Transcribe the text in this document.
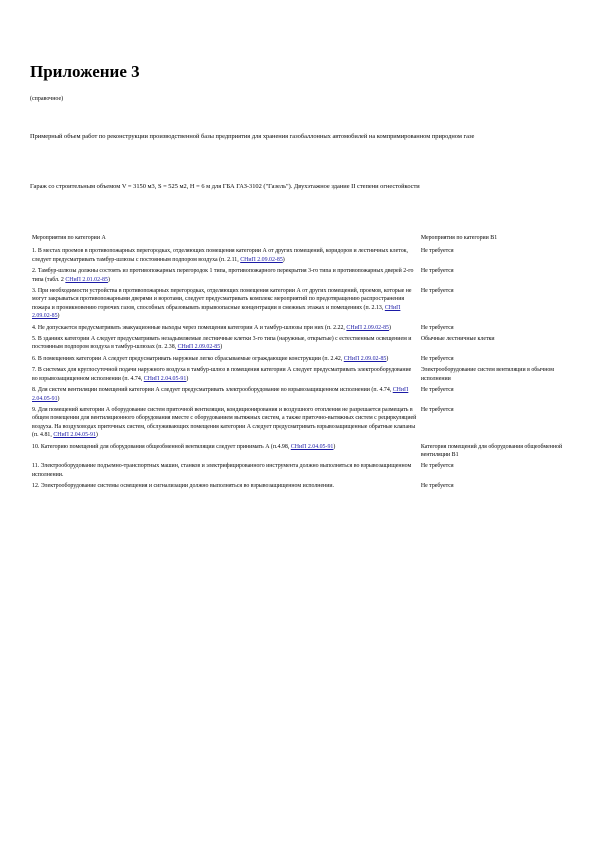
Приложение 3
(справочное)
Примерный объем работ по реконструкции производственной базы предприятия для хранения газобаллонных автомобилей на компримированном природном газе
Гараж со строительным объемом V = 3150 м3, S = 525 м2, H = 6 м для ГБА ГАЗ-3102 ("Газель"). Двухэтажное здание II степени огнестойкости
Мероприятия по категории А	Мероприятия по категории В1
1. В местах проемов в противопожарных перегородках, отделяющих помещения категории А от других помещений, коридоров и лестничных клеток, следует предусматривать тамбур-шлюзы с постоянным подпором воздуха (п. 2.11, СНиП 2.09.02-85)	Не требуется
2. Тамбур-шлюзы должны состоять из противопожарных перегородок 1 типа, противопожарного перекрытия 3-го типа и противопожарных дверей 2-го типа (табл. 2 СНиП 2.01.02-85)	Не требуется
3. При необходимости устройства в противопожарных перегородках, отделяющих помещения категории А от других помещений, проемов, которые не могут закрываться противопожарными дверями и воротами, следует предусматривать комплекс мероприятий по предотвращению распространения пожара и проникновению горючих газов, способных образовывать взрывоопасные концентрации в смежных этажах и помещениях (п. 2.13, СНиП 2.09.02-85)	Не требуется
4. Не допускается предусматривать эвакуационные выходы через помещения категории А и тамбур-шлюзы при них (п. 2.22, СНиП 2.09.02-85)	Не требуется
5. В зданиях категории А следует предусматривать незадымляемые лестничные клетки 3-го типа (наружные, открытые) с естественным освещением и постоянным подпором воздуха в тамбур-шлюзах (п. 2.38, СНиП 2.09.02-85)	Обычные лестничные клетки
6. В помещениях категории А следует предусматривать наружные легко сбрасываемые ограждающие конструкции (п. 2.42, СНиП 2.09.02-85)	Не требуется
7. В системах для круглосуточной подачи наружного воздуха в тамбур-шлюз в помещения категории А следует предусматривать электрооборудование во взрывозащищенном исполнении (п. 4.74, СНиП 2.04.05-91)	Электрооборудование систем вентиляции в обычном исполнении
8. Для систем вентиляции помещений категории А следует предусматривать электрооборудование во взрывозащищенном исполнении (п. 4.74, СНиП 2.04.05-91)	Не требуется
9. Для помещений категории А оборудование систем приточной вентиляции, кондиционирования и воздушного отопления не разрешается размещать в общем помещении для вентиляционного оборудования вместе с оборудованием вытяжных систем, а также приточно-вытяжных систем с рециркуляцией воздуха. На воздуховодах приточных систем, обслуживающих помещения категории А следует предусматривать взрывозащищенные обратные клапаны (п. 4.81, СНиП 2.04.05-91)	Не требуется
10. Категорию помещений для оборудования общеобменной вентиляции следует принимать А (п.4.98, СНиП 2.04.05-91)	Категория помещений для оборудования общеобменной вентиляции В1
11. Электрооборудование подъемно-транспортных машин, станков и электрифицированного инструмента должно выполняться во взрывозащищенном исполнении.	Не требуется
12. Электрооборудование системы освещения и сигнализации должно выполняться во взрывозащищенном исполнении.	Не требуется
